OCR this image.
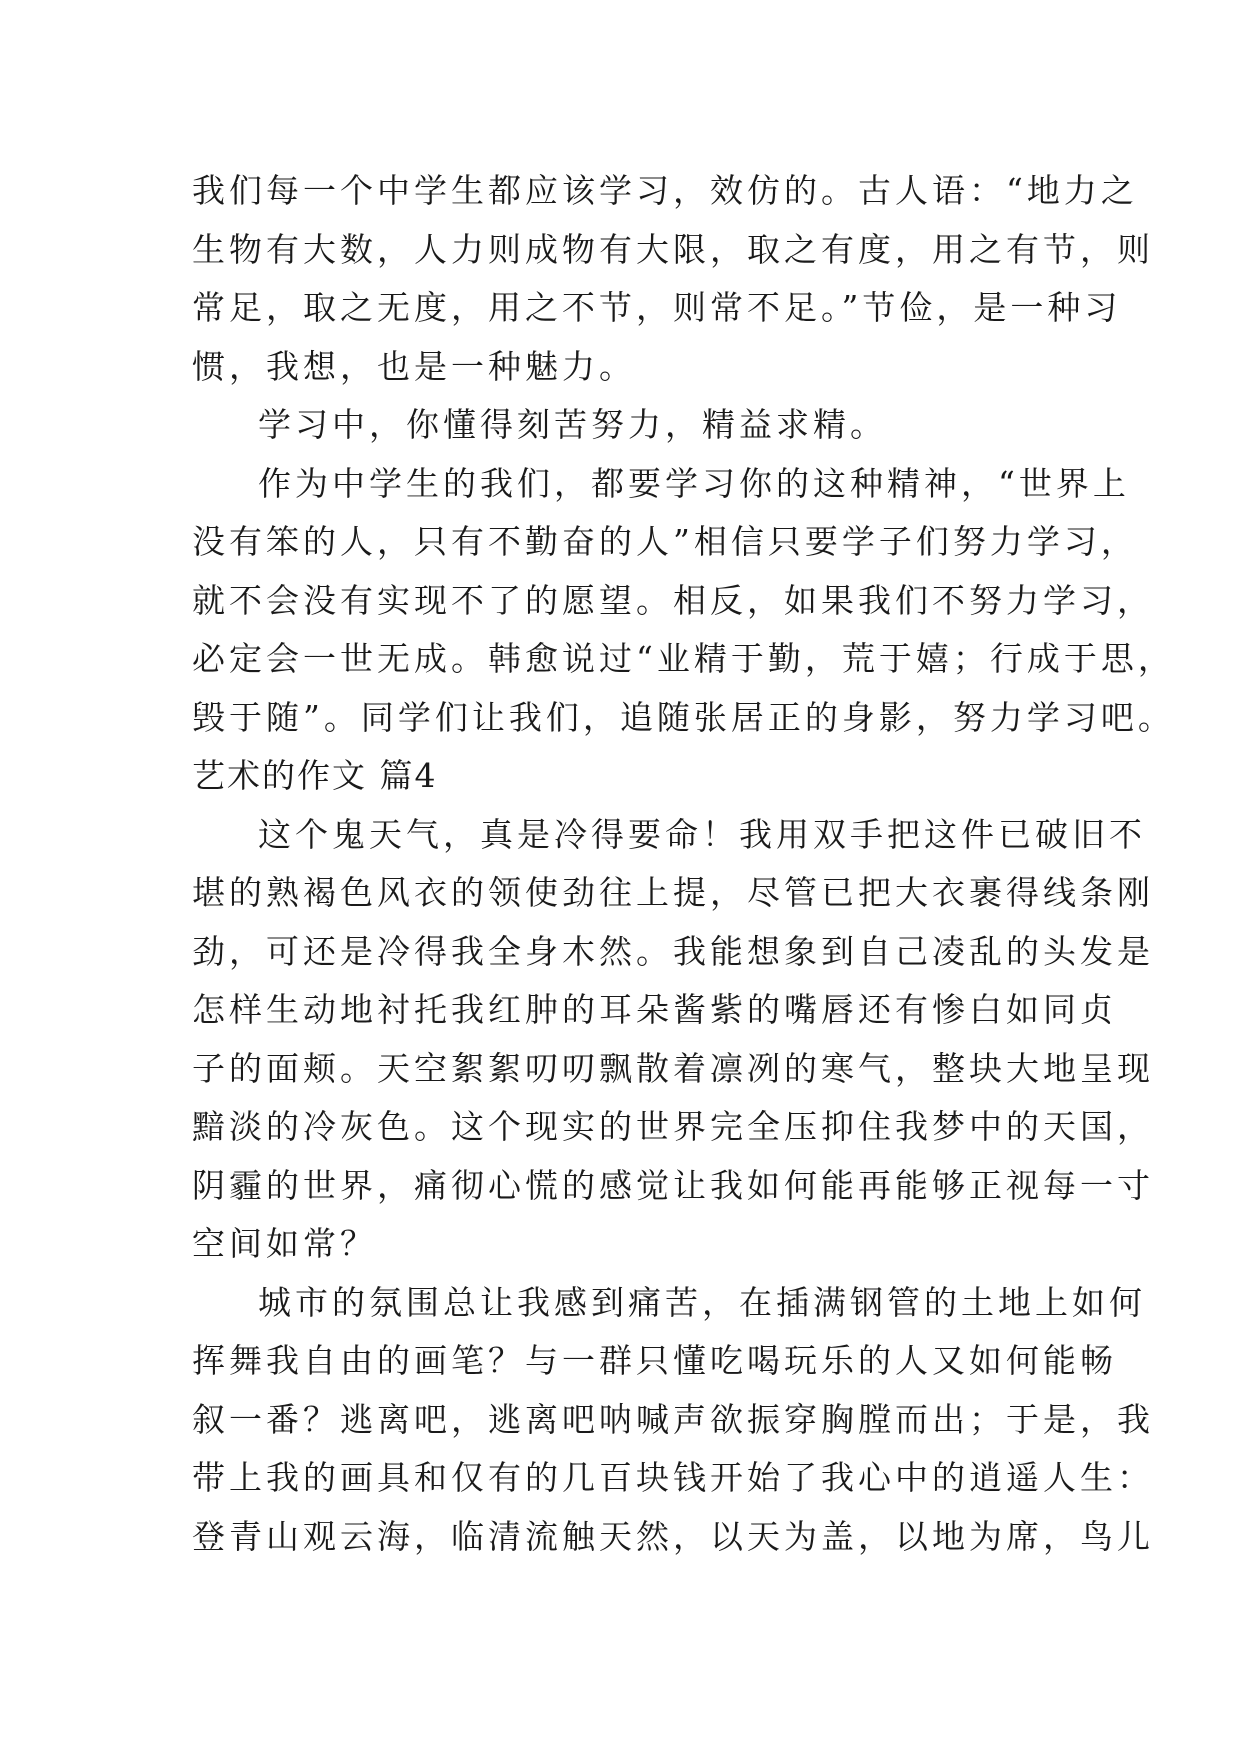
我们每一个中学生都应该学习，效仿的。古人语：“地力之
生物有大数，人力则成物有大限，取之有度，用之有节，则
常足，取之无度，用之不节，则常不足。”节俭，是一种习
惯，我想，也是一种魅力。
学习中，你懂得刻苦努力，精益求精。
作为中学生的我们，都要学习你的这种精神，“世界上
没有笨的人，只有不勤奋的人”相信只要学子们努力学习，
就不会没有实现不了的愿望。相反，如果我们不努力学习，
必定会一世无成。韩愈说过“业精于勤，荒于嬉；行成于思，
毁于随”。同学们让我们，追随张居正的身影，努力学习吧。
艺术的作文 篇4
这个鬼天气，真是冷得要命！我用双手把这件已破旧不
堪的熟褐色风衣的领使劲往上提，尽管已把大衣裹得线条刚
劲，可还是冷得我全身木然。我能想象到自己凌乱的头发是
怎样生动地衬托我红肿的耳朵酱紫的嘴唇还有惨白如同贞
子的面颊。天空絮絮叨叨飘散着凛冽的寒气，整块大地呈现
黯淡的冷灰色。这个现实的世界完全压抑住我梦中的天国，
阴霾的世界，痛彻心慌的感觉让我如何能再能够正视每一寸
空间如常？
城市的氛围总让我感到痛苦，在插满钢管的土地上如何
挥舞我自由的画笔？与一群只懂吃喝玩乐的人又如何能畅
叙一番？逃离吧，逃离吧呐喊声欲振穿胸膛而出；于是，我
带上我的画具和仅有的几百块钱开始了我心中的逍遥人生：
登青山观云海，临清流触天然，以天为盖，以地为席，鸟儿
